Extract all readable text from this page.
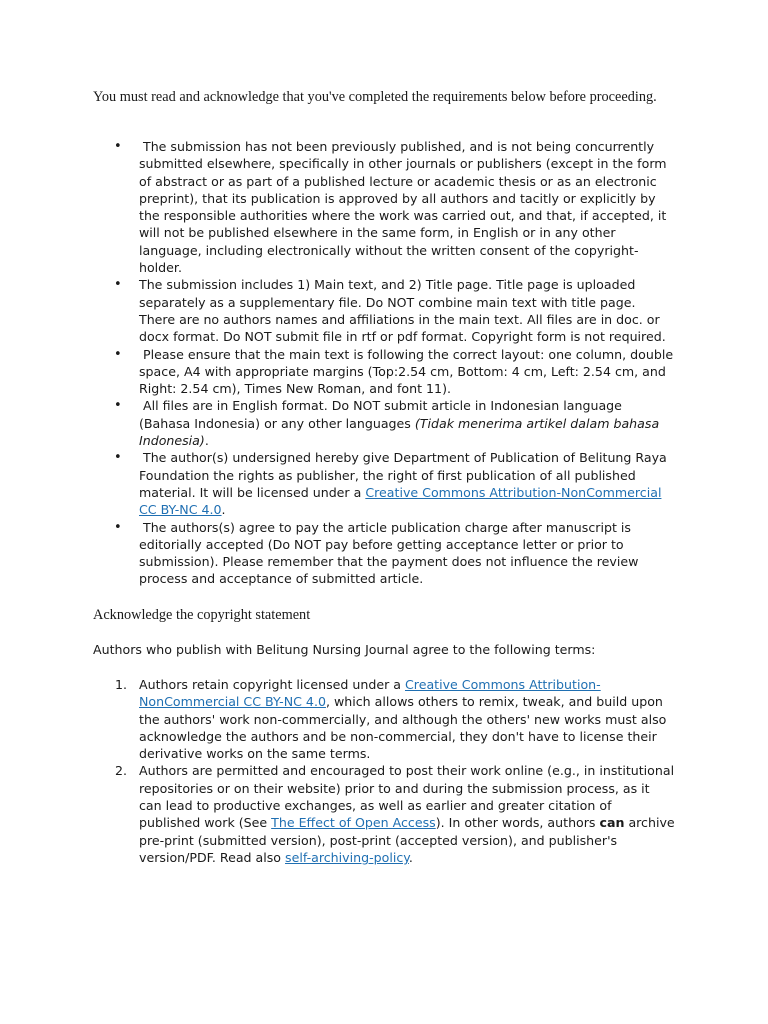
You must read and acknowledge that you've completed the requirements below before proceeding.

• The submission has not been previously published, and is not being concurrently submitted elsewhere, specifically in other journals or publishers (except in the form of abstract or as part of a published lecture or academic thesis or as an electronic preprint), that its publication is approved by all authors and tacitly or explicitly by the responsible authorities where the work was carried out, and that, if accepted, it will not be published elsewhere in the same form, in English or in any other language, including electronically without the written consent of the copyright-holder.
• The submission includes 1) Main text, and 2) Title page. Title page is uploaded separately as a supplementary file. Do NOT combine main text with title page. There are no authors names and affiliations in the main text. All files are in doc. or docx format. Do NOT submit file in rtf or pdf format. Copyright form is not required.
• Please ensure that the main text is following the correct layout: one column, double space, A4 with appropriate margins (Top:2.54 cm, Bottom: 4 cm, Left: 2.54 cm, and Right: 2.54 cm), Times New Roman, and font 11).
• All files are in English format. Do NOT submit article in Indonesian language (Bahasa Indonesia) or any other languages (Tidak menerima artikel dalam bahasa Indonesia).
• The author(s) undersigned hereby give Department of Publication of Belitung Raya Foundation the rights as publisher, the right of first publication of all published material. It will be licensed under a Creative Commons Attribution-NonCommercial CC BY-NC 4.0.
• The authors(s) agree to pay the article publication charge after manuscript is editorially accepted (Do NOT pay before getting acceptance letter or prior to submission). Please remember that the payment does not influence the review process and acceptance of submitted article.
Acknowledge the copyright statement

Authors who publish with Belitung Nursing Journal agree to the following terms:

1. Authors retain copyright licensed under a Creative Commons Attribution-NonCommercial CC BY-NC 4.0, which allows others to remix, tweak, and build upon the authors' work non-commercially, and although the others' new works must also acknowledge the authors and be non-commercial, they don't have to license their derivative works on the same terms.
2. Authors are permitted and encouraged to post their work online (e.g., in institutional repositories or on their website) prior to and during the submission process, as it can lead to productive exchanges, as well as earlier and greater citation of published work (See The Effect of Open Access). In other words, authors can archive pre-print (submitted version), post-print (accepted version), and publisher's version/PDF. Read also self-archiving-policy.
